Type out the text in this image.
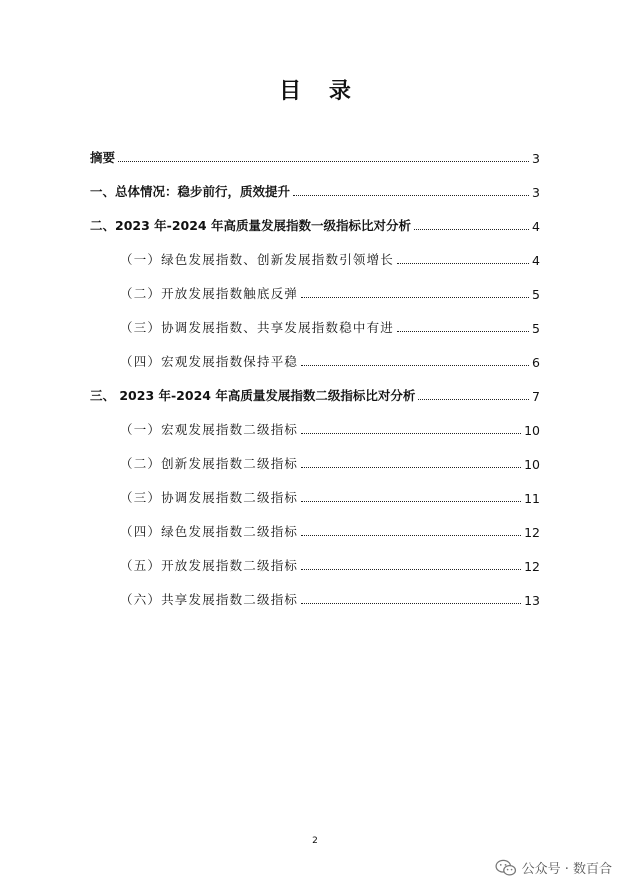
目 录
摘要	3
一、总体情况：稳步前行，质效提升	3
二、2023 年-2024 年高质量发展指数一级指标比对分析	4
（一）绿色发展指数、创新发展指数引领增长	4
（二）开放发展指数触底反弹	5
（三）协调发展指数、共享发展指数稳中有进	5
（四）宏观发展指数保持平稳	6
三、 2023 年-2024 年高质量发展指数二级指标比对分析	7
（一）宏观发展指数二级指标	10
（二）创新发展指数二级指标	10
（三）协调发展指数二级指标	11
（四）绿色发展指数二级指标	12
（五）开放发展指数二级指标	12
（六）共享发展指数二级指标	13
2
公众号 · 数百合
